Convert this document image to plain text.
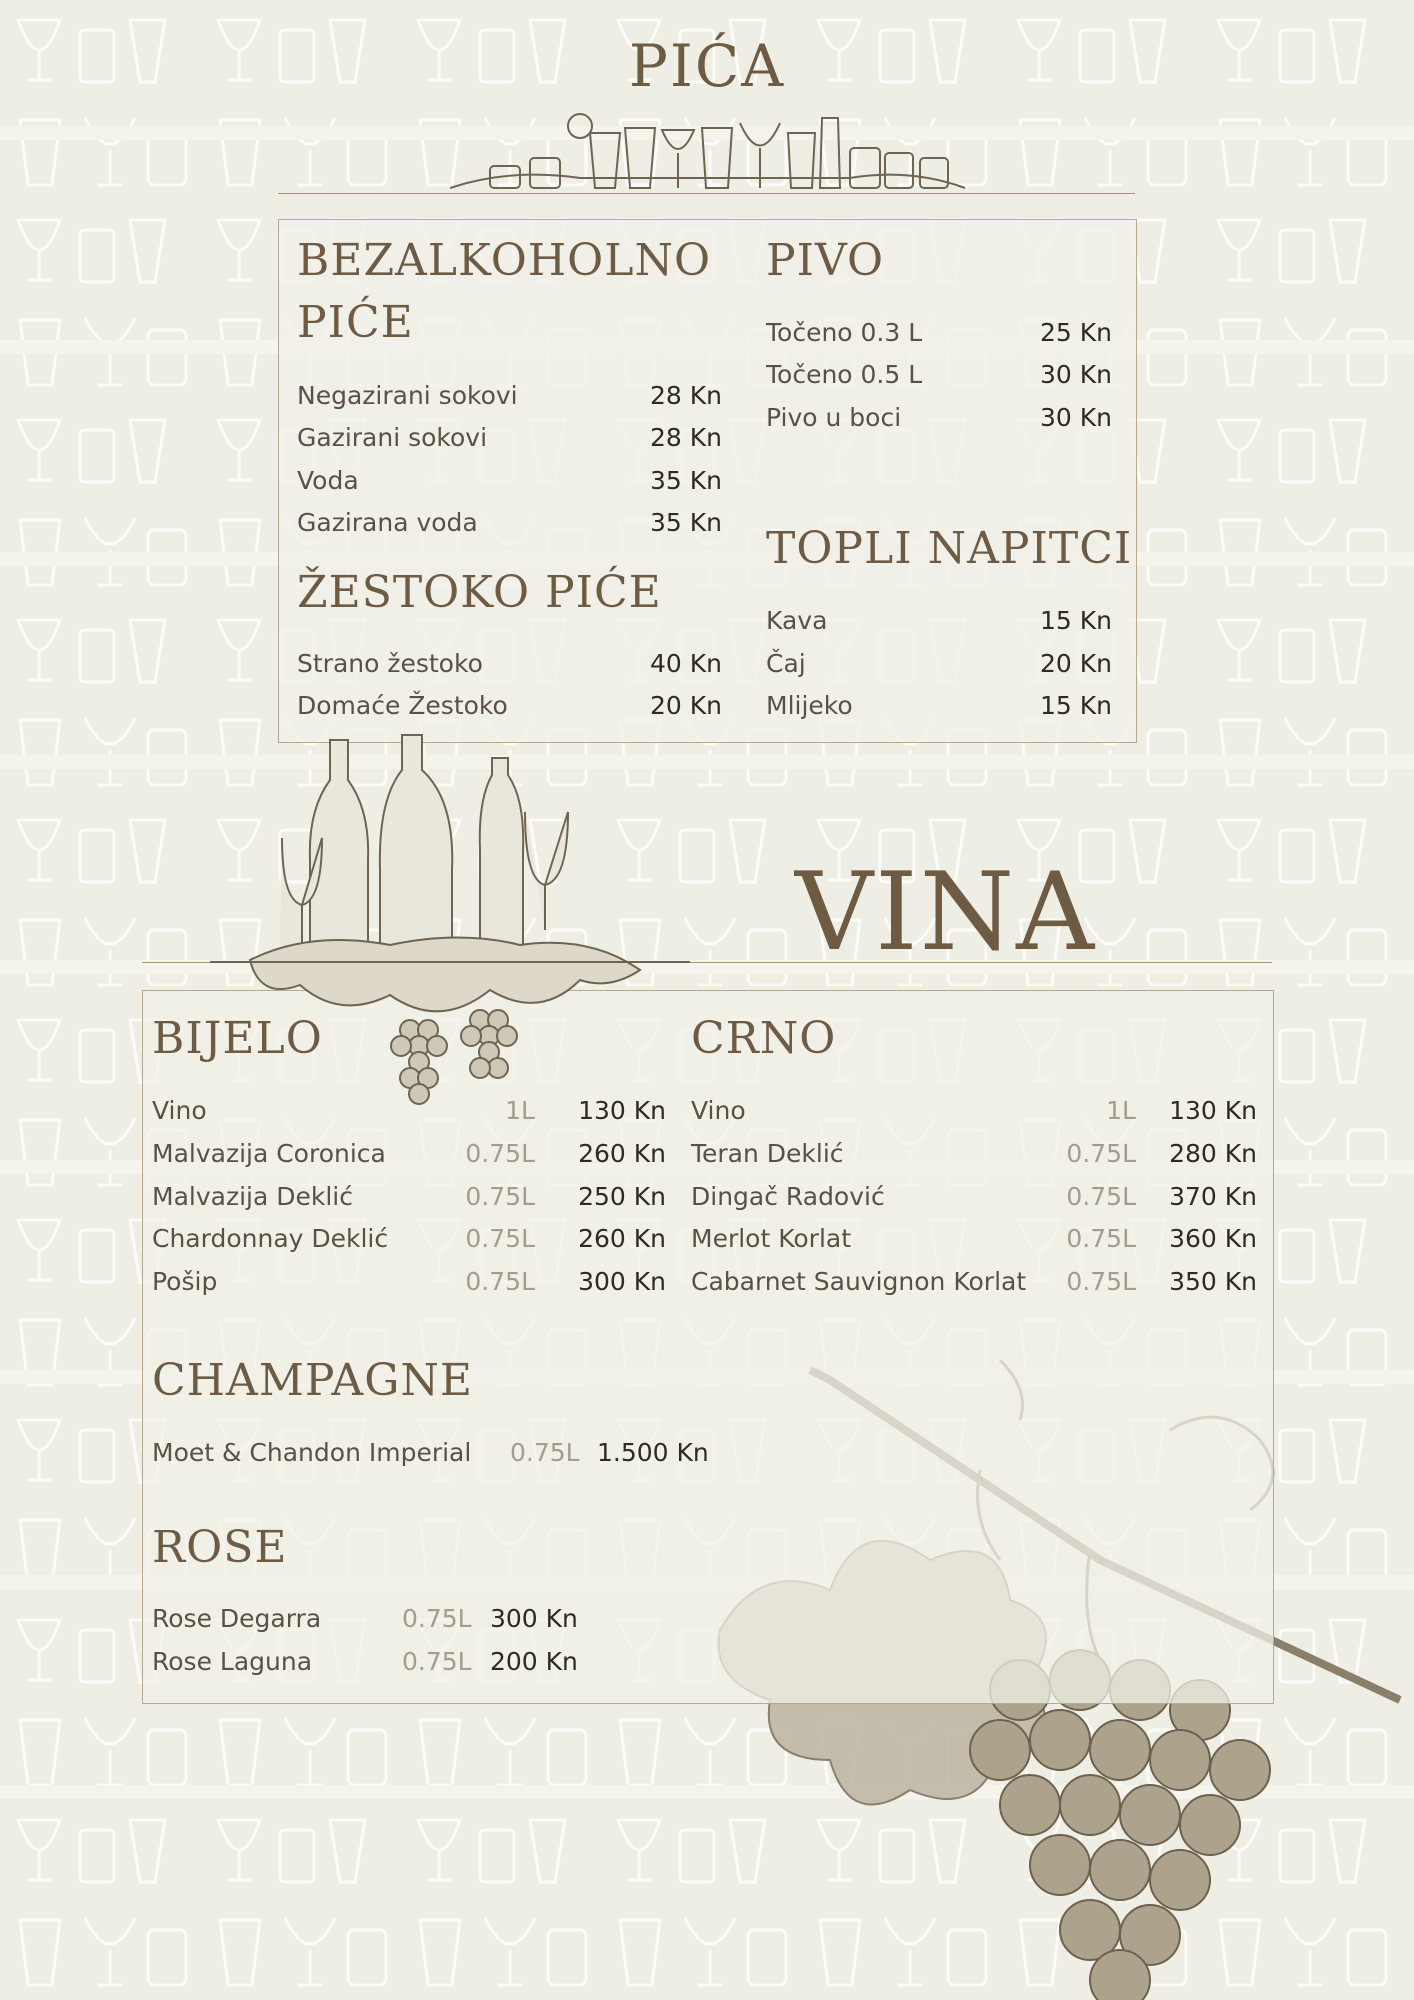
PIĆA
BEZALKOHOLNO
PIĆE
Negazirani sokovi	28 Kn
Gazirani sokovi	28 Kn
Voda	35 Kn
Gazirana voda	35 Kn
ŽESTOKO PIĆE
Strano žestoko	40 Kn
Domaće Žestoko	20 Kn
PIVO
Točeno 0.3 L	25 Kn
Točeno 0.5 L	30 Kn
Pivo u boci	30 Kn
TOPLI NAPITCI
Kava	15 Kn
Čaj	20 Kn
Mlijeko	15 Kn
VINA
BIJELO
Vino	1L 130 Kn
Malvazija Coronica	0.75L 260 Kn
Malvazija Deklić	0.75L 250 Kn
Chardonnay Deklić	0.75L 260 Kn
Pošip	0.75L 300 Kn
CRNO
Vino	1L 130 Kn
Teran Deklić	0.75L 280 Kn
Dingač Radović	0.75L 370 Kn
Merlot Korlat	0.75L 360 Kn
Cabarnet Sauvignon Korlat 0.75L 350 Kn
CHAMPAGNE
Moet & Chandon Imperial 0.75L 1.500 Kn
ROSE
Rose Degarra	0.75L 300 Kn
Rose Laguna	0.75L 200 Kn
